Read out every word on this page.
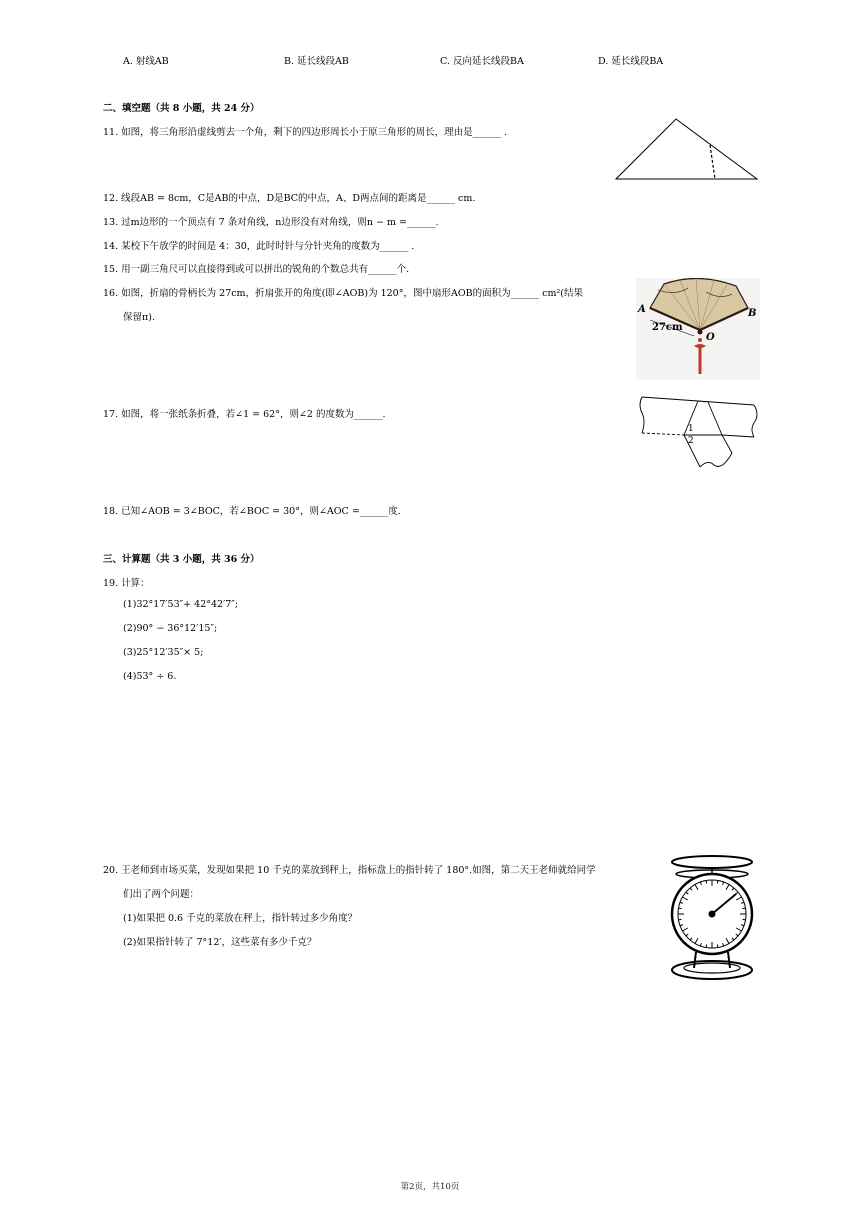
A. 射线AB	B. 延长线段AB	C. 反向延长线段BA	D. 延长线段BA
二、填空题（共 8 小题，共 24 分）
11. 如图，将三角形沿虚线剪去一个角，剩下的四边形周长小于原三角形的周长，理由是______ .
12. 线段AB = 8cm，C是AB的中点，D是BC的中点，A、D两点间的距离是______ cm.
13. 过m边形的一个顶点有 7 条对角线，n边形没有对角线，则n − m =______.
14. 某校下午放学的时间是 4：30，此时时针与分针夹角的度数为______ .
15. 用一副三角尺可以直接得到或可以拼出的锐角的个数总共有______个.
16. 如图，折扇的骨柄长为 27cm，折扇张开的角度(即∠AOB)为 120°，图中扇形AOB的面积为______ cm²(结果
保留π).
A	B
O
27cm
17. 如图，将一张纸条折叠，若∠1 = 62°，则∠2 的度数为______.
1
2
18. 已知∠AOB = 3∠BOC，若∠BOC = 30°，则∠AOC =______度.
三、计算题（共 3 小题，共 36 分）
19. 计算：
(1)32°17′53″+ 42°42′7″;
(2)90° − 36°12′15″;
(3)25°12′35″× 5;
(4)53° ÷ 6.
20. 王老师到市场买菜，发现如果把 10 千克的菜放到秤上，指标盘上的指针转了 180°.如图，第二天王老师就给同学
们出了两个问题：
(1)如果把 0.6 千克的菜放在秤上，指针转过多少角度？
(2)如果指针转了 7°12′，这些菜有多少千克？
第2页，共10页
